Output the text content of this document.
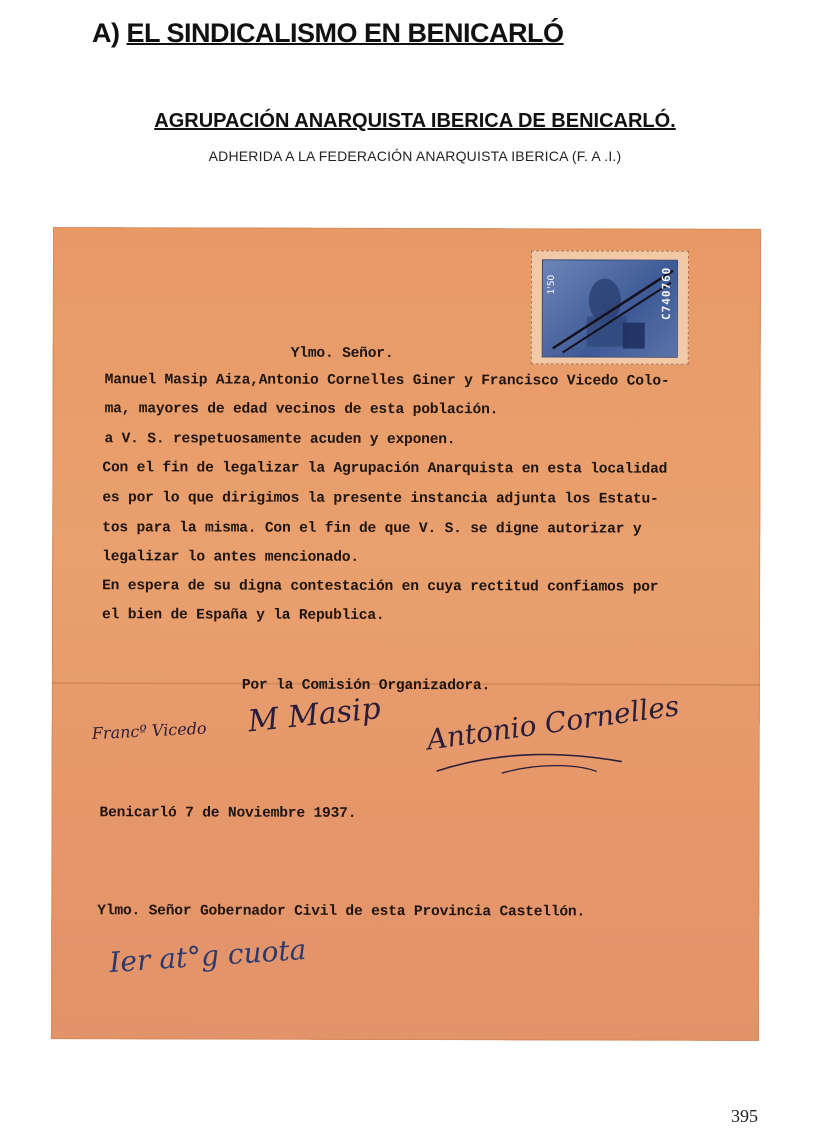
A) EL SINDICALISMO EN BENICARLÓ
AGRUPACIÓN ANARQUISTA IBERICA DE BENICARLÓ.
ADHERIDA A LA FEDERACIÓN ANARQUISTA IBERICA (F. A .I.)
1'50	C740760
Ylmo. Señor.
Manuel Masip Aiza,Antonio Cornelles Giner y Francisco Vicedo Colo-
ma, mayores de edad vecinos de esta población.
a V. S. respetuosamente acuden y exponen.
Con el fin de legalizar la Agrupación Anarquista en esta localidad
es por lo que dirigimos la presente instancia adjunta los Estatu-
tos para la misma. Con el fin de que V. S. se digne autorizar y
legalizar lo antes mencionado.
En espera de su digna contestación en cuya rectitud confiamos por
el bien de España y la Republica.
Por la Comisión Organizadora.
Francº Vicedo M Masip Antonio Cornelles
Benicarló 7 de Noviembre 1937.
Ylmo. Señor Gobernador Civil de esta Provincia Castellón.
Ier at°g cuota
395
